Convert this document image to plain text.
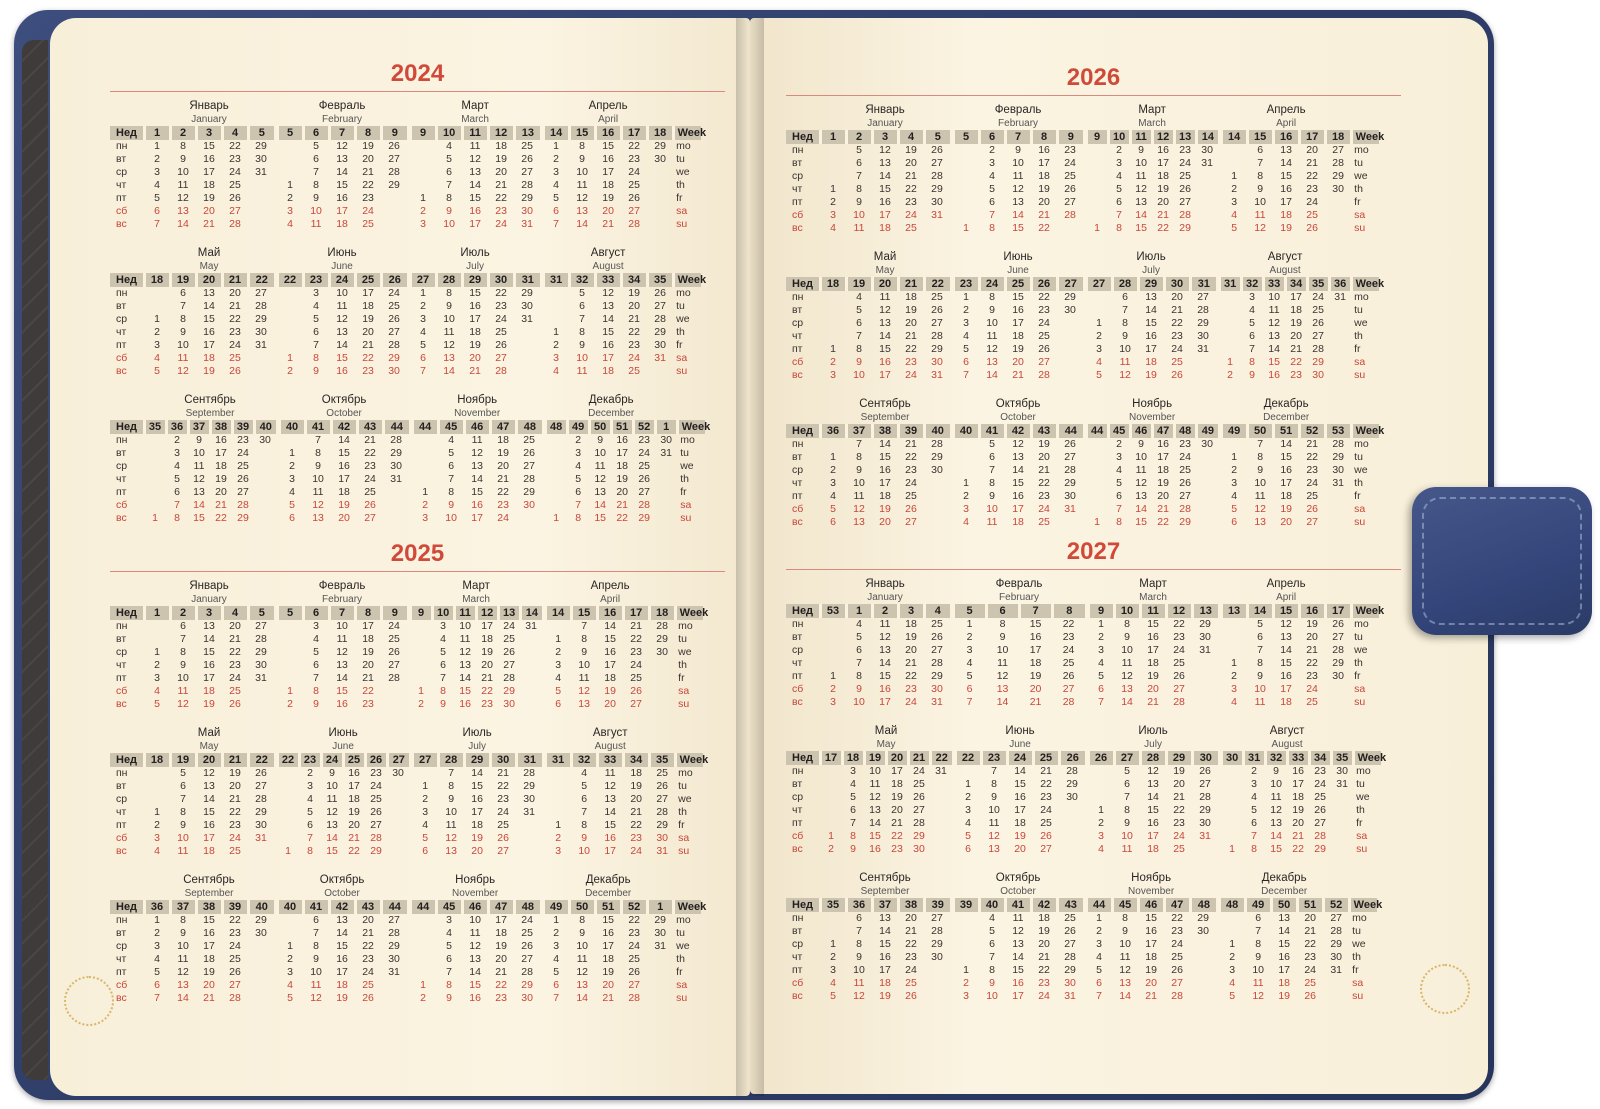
2024
	Январь				
	January				
Нед	1	2	3	4	5
пн	1	8	15	22	29
вт	2	9	16	23	30
ср	3	10	17	24	31
чт	4	11	18	25	
пт	5	12	19	26	
сб	6	13	20	27	
вс	7	14	21	28	
	Февраль				
	February				
	5	6	7	8	9
		5	12	19	26
		6	13	20	27
		7	14	21	28
	1	8	15	22	29
	2	9	16	23	
	3	10	17	24	
	4	11	18	25	
	Март				
	March				
	9	10	11	12	13
		4	11	18	25
		5	12	19	26
		6	13	20	27
		7	14	21	28
	1	8	15	22	29
	2	9	16	23	30
	3	10	17	24	31
	Апрель					
	April					
	14	15	16	17	18	Week
	1	8	15	22	29	mo
	2	9	16	23	30	tu
	3	10	17	24		we
	4	11	18	25		th
	5	12	19	26		fr
	6	13	20	27		sa
	7	14	21	28		su
	Май				
	May				
Нед	18	19	20	21	22
пн		6	13	20	27
вт		7	14	21	28
ср	1	8	15	22	29
чт	2	9	16	23	30
пт	3	10	17	24	31
сб	4	11	18	25	
вс	5	12	19	26	
	Июнь				
	June				
	22	23	24	25	26
		3	10	17	24
		4	11	18	25
		5	12	19	26
		6	13	20	27
		7	14	21	28
	1	8	15	22	29
	2	9	16	23	30
	Июль				
	July				
	27	28	29	30	31
	1	8	15	22	29
	2	9	16	23	30
	3	10	17	24	31
	4	11	18	25	
	5	12	19	26	
	6	13	20	27	
	7	14	21	28	
	Август					
	August					
	31	32	33	34	35	Week
		5	12	19	26	mo
		6	13	20	27	tu
		7	14	21	28	we
	1	8	15	22	29	th
	2	9	16	23	30	fr
	3	10	17	24	31	sa
	4	11	18	25		su
	Сентябрь					
	September					
Нед	35	36	37	38	39	40
пн		2	9	16	23	30
вт		3	10	17	24	
ср		4	11	18	25	
чт		5	12	19	26	
пт		6	13	20	27	
сб		7	14	21	28	
вс	1	8	15	22	29	
	Октябрь				
	October				
	40	41	42	43	44
		7	14	21	28
	1	8	15	22	29
	2	9	16	23	30
	3	10	17	24	31
	4	11	18	25	
	5	12	19	26	
	6	13	20	27	
	Ноябрь				
	November				
	44	45	46	47	48
		4	11	18	25
		5	12	19	26
		6	13	20	27
		7	14	21	28
	1	8	15	22	29
	2	9	16	23	30
	3	10	17	24	
	Декабрь						
	December						
	48	49	50	51	52	1	Week
		2	9	16	23	30	mo
		3	10	17	24	31	tu
		4	11	18	25		we
		5	12	19	26		th
		6	13	20	27		fr
		7	14	21	28		sa
	1	8	15	22	29		su
2025
	Январь				
	January				
Нед	1	2	3	4	5
пн		6	13	20	27
вт		7	14	21	28
ср	1	8	15	22	29
чт	2	9	16	23	30
пт	3	10	17	24	31
сб	4	11	18	25	
вс	5	12	19	26	
	Февраль				
	February				
	5	6	7	8	9
		3	10	17	24
		4	11	18	25
		5	12	19	26
		6	13	20	27
		7	14	21	28
	1	8	15	22	
	2	9	16	23	
	Март					
	March					
	9	10	11	12	13	14
		3	10	17	24	31
		4	11	18	25	
		5	12	19	26	
		6	13	20	27	
		7	14	21	28	
	1	8	15	22	29	
	2	9	16	23	30	
	Апрель					
	April					
	14	15	16	17	18	Week
		7	14	21	28	mo
	1	8	15	22	29	tu
	2	9	16	23	30	we
	3	10	17	24		th
	4	11	18	25		fr
	5	12	19	26		sa
	6	13	20	27		su
	Май				
	May				
Нед	18	19	20	21	22
пн		5	12	19	26
вт		6	13	20	27
ср		7	14	21	28
чт	1	8	15	22	29
пт	2	9	16	23	30
сб	3	10	17	24	31
вс	4	11	18	25	
	Июнь					
	June					
	22	23	24	25	26	27
		2	9	16	23	30
		3	10	17	24	
		4	11	18	25	
		5	12	19	26	
		6	13	20	27	
		7	14	21	28	
	1	8	15	22	29	
	Июль				
	July				
	27	28	29	30	31
		7	14	21	28
	1	8	15	22	29
	2	9	16	23	30
	3	10	17	24	31
	4	11	18	25	
	5	12	19	26	
	6	13	20	27	
	Август					
	August					
	31	32	33	34	35	Week
		4	11	18	25	mo
		5	12	19	26	tu
		6	13	20	27	we
		7	14	21	28	th
	1	8	15	22	29	fr
	2	9	16	23	30	sa
	3	10	17	24	31	su
	Сентябрь				
	September				
Нед	36	37	38	39	40
пн	1	8	15	22	29
вт	2	9	16	23	30
ср	3	10	17	24	
чт	4	11	18	25	
пт	5	12	19	26	
сб	6	13	20	27	
вс	7	14	21	28	
	Октябрь				
	October				
	40	41	42	43	44
		6	13	20	27
		7	14	21	28
	1	8	15	22	29
	2	9	16	23	30
	3	10	17	24	31
	4	11	18	25	
	5	12	19	26	
	Ноябрь				
	November				
	44	45	46	47	48
		3	10	17	24
		4	11	18	25
		5	12	19	26
		6	13	20	27
		7	14	21	28
	1	8	15	22	29
	2	9	16	23	30
	Декабрь					
	December					
	49	50	51	52	1	Week
	1	8	15	22	29	mo
	2	9	16	23	30	tu
	3	10	17	24	31	we
	4	11	18	25		th
	5	12	19	26		fr
	6	13	20	27		sa
	7	14	21	28		su
2026
	Январь				
	January				
Нед	1	2	3	4	5
пн		5	12	19	26
вт		6	13	20	27
ср		7	14	21	28
чт	1	8	15	22	29
пт	2	9	16	23	30
сб	3	10	17	24	31
вс	4	11	18	25	
	Февраль				
	February				
	5	6	7	8	9
		2	9	16	23
		3	10	17	24
		4	11	18	25
		5	12	19	26
		6	13	20	27
		7	14	21	28
	1	8	15	22	
	Март					
	March					
	9	10	11	12	13	14
		2	9	16	23	30
		3	10	17	24	31
		4	11	18	25	
		5	12	19	26	
		6	13	20	27	
		7	14	21	28	
	1	8	15	22	29	
	Апрель					
	April					
	14	15	16	17	18	Week
		6	13	20	27	mo
		7	14	21	28	tu
	1	8	15	22	29	we
	2	9	16	23	30	th
	3	10	17	24		fr
	4	11	18	25		sa
	5	12	19	26		su
	Май				
	May				
Нед	18	19	20	21	22
пн		4	11	18	25
вт		5	12	19	26
ср		6	13	20	27
чт		7	14	21	28
пт	1	8	15	22	29
сб	2	9	16	23	30
вс	3	10	17	24	31
	Июнь				
	June				
	23	24	25	26	27
	1	8	15	22	29
	2	9	16	23	30
	3	10	17	24	
	4	11	18	25	
	5	12	19	26	
	6	13	20	27	
	7	14	21	28	
	Июль				
	July				
	27	28	29	30	31
		6	13	20	27
		7	14	21	28
	1	8	15	22	29
	2	9	16	23	30
	3	10	17	24	31
	4	11	18	25	
	5	12	19	26	
	Август						
	August						
	31	32	33	34	35	36	Week
		3	10	17	24	31	mo
		4	11	18	25		tu
		5	12	19	26		we
		6	13	20	27		th
		7	14	21	28		fr
	1	8	15	22	29		sa
	2	9	16	23	30		su
	Сентябрь				
	September				
Нед	36	37	38	39	40
пн		7	14	21	28
вт	1	8	15	22	29
ср	2	9	16	23	30
чт	3	10	17	24	
пт	4	11	18	25	
сб	5	12	19	26	
вс	6	13	20	27	
	Октябрь				
	October				
	40	41	42	43	44
		5	12	19	26
		6	13	20	27
		7	14	21	28
	1	8	15	22	29
	2	9	16	23	30
	3	10	17	24	31
	4	11	18	25	
	Ноябрь					
	November					
	44	45	46	47	48	49
		2	9	16	23	30
		3	10	17	24	
		4	11	18	25	
		5	12	19	26	
		6	13	20	27	
		7	14	21	28	
	1	8	15	22	29	
	Декабрь					
	December					
	49	50	51	52	53	Week
		7	14	21	28	mo
	1	8	15	22	29	tu
	2	9	16	23	30	we
	3	10	17	24	31	th
	4	11	18	25		fr
	5	12	19	26		sa
	6	13	20	27		su
2027
	Январь				
	January				
Нед	53	1	2	3	4
пн		4	11	18	25
вт		5	12	19	26
ср		6	13	20	27
чт		7	14	21	28
пт	1	8	15	22	29
сб	2	9	16	23	30
вс	3	10	17	24	31
	Февраль			
	February			
	5	6	7	8
	1	8	15	22
	2	9	16	23
	3	10	17	24
	4	11	18	25
	5	12	19	26
	6	13	20	27
	7	14	21	28
	Март				
	March				
	9	10	11	12	13
	1	8	15	22	29
	2	9	16	23	30
	3	10	17	24	31
	4	11	18	25	
	5	12	19	26	
	6	13	20	27	
	7	14	21	28	
	Апрель					
	April					
	13	14	15	16	17	Week
		5	12	19	26	mo
		6	13	20	27	tu
		7	14	21	28	we
	1	8	15	22	29	th
	2	9	16	23	30	fr
	3	10	17	24		sa
	4	11	18	25		su
	Май					
	May					
Нед	17	18	19	20	21	22
пн		3	10	17	24	31
вт		4	11	18	25	
ср		5	12	19	26	
чт		6	13	20	27	
пт		7	14	21	28	
сб	1	8	15	22	29	
вс	2	9	16	23	30	
	Июнь				
	June				
	22	23	24	25	26
		7	14	21	28
	1	8	15	22	29
	2	9	16	23	30
	3	10	17	24	
	4	11	18	25	
	5	12	19	26	
	6	13	20	27	
	Июль				
	July				
	26	27	28	29	30
		5	12	19	26
		6	13	20	27
		7	14	21	28
	1	8	15	22	29
	2	9	16	23	30
	3	10	17	24	31
	4	11	18	25	
	Август						
	August						
	30	31	32	33	34	35	Week
		2	9	16	23	30	mo
		3	10	17	24	31	tu
		4	11	18	25		we
		5	12	19	26		th
		6	13	20	27		fr
		7	14	21	28		sa
	1	8	15	22	29		su
	Сентябрь				
	September				
Нед	35	36	37	38	39
пн		6	13	20	27
вт		7	14	21	28
ср	1	8	15	22	29
чт	2	9	16	23	30
пт	3	10	17	24	
сб	4	11	18	25	
вс	5	12	19	26	
	Октябрь				
	October				
	39	40	41	42	43
		4	11	18	25
		5	12	19	26
		6	13	20	27
		7	14	21	28
	1	8	15	22	29
	2	9	16	23	30
	3	10	17	24	31
	Ноябрь				
	November				
	44	45	46	47	48
	1	8	15	22	29
	2	9	16	23	30
	3	10	17	24	
	4	11	18	25	
	5	12	19	26	
	6	13	20	27	
	7	14	21	28	
	Декабрь					
	December					
	48	49	50	51	52	Week
		6	13	20	27	mo
		7	14	21	28	tu
	1	8	15	22	29	we
	2	9	16	23	30	th
	3	10	17	24	31	fr
	4	11	18	25		sa
	5	12	19	26		su
